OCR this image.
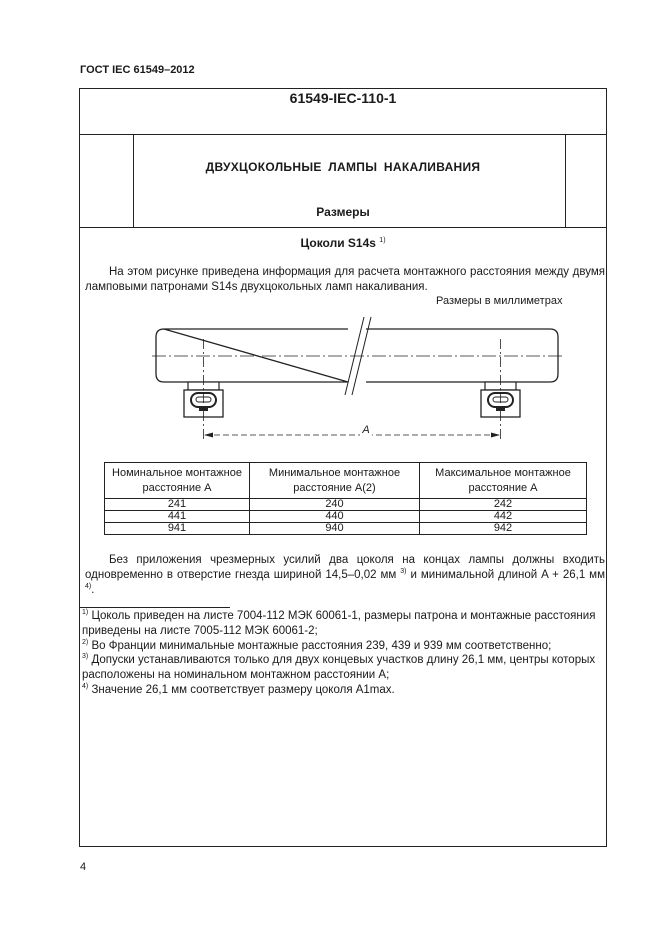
ГОСТ IEC 61549–2012
61549-IEC-110-1
ДВУХЦОКОЛЬНЫЕ ЛАМПЫ НАКАЛИВАНИЯ
Размеры
Цоколи S14s $^{1)}$
На этом рисунке приведена информация для расчета монтажного расстояния между двумя ламповыми патронами S14s двухцокольных ламп накаливания.
Размеры в миллиметрах
A
Номинальное монтажное расстояние A	Минимальное монтажное расстояние A(2)	Максимальное монтажное расстояние A
241	240	242
441	440	442
941	940	942
Без приложения чрезмерных усилий два цоколя на концах лампы должны входить одновременно в отверстие гнезда шириной 14,5–0,02 мм $^{3)}$ и минимальной длиной A + 26,1 мм $^{4)}$.
$^{1)}$ Цоколь приведен на листе 7004-112 МЭК 60061-1, размеры патрона и монтажные расстояния приведены на листе 7005-112 МЭК 60061-2;
$^{2)}$ Во Франции минимальные монтажные расстояния 239, 439 и 939 мм соответственно;
$^{3)}$ Допуски устанавливаются только для двух концевых участков длину 26,1 мм, центры которых расположены на номинальном монтажном расстоянии A;
$^{4)}$ Значение 26,1 мм соответствует размеру цоколя A1max.
4
